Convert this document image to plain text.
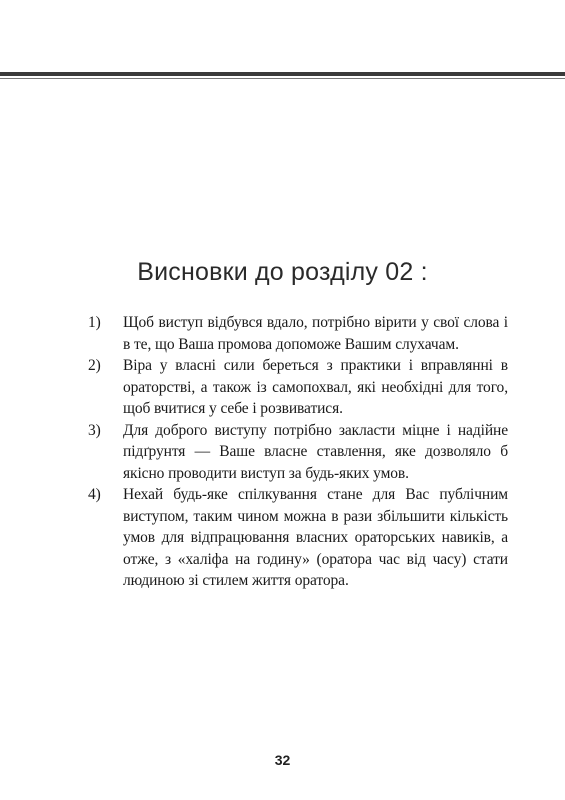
Висновки до розділу 02 :
1) Щоб виступ відбувся вдало, потрібно вірити у свої слова і в те, що Ваша промова допоможе Вашим слухачам.
2) Віра у власні сили береться з практики і вправлянні в ораторстві, а також із самопохвал, які необхідні для того, щоб вчитися у себе і розвиватися.
3) Для доброго виступу потрібно закласти міцне і надійне підґрунтя — Ваше власне ставлення, яке дозволяло б якісно проводити виступ за будь-яких умов.
4) Нехай будь-яке спілкування стане для Вас публічним виступом, таким чином можна в рази збільшити кількість умов для відпрацювання власних ораторських навиків, а отже, з «халіфа на годину» (оратора час від часу) стати людиною зі стилем життя оратора.
32
